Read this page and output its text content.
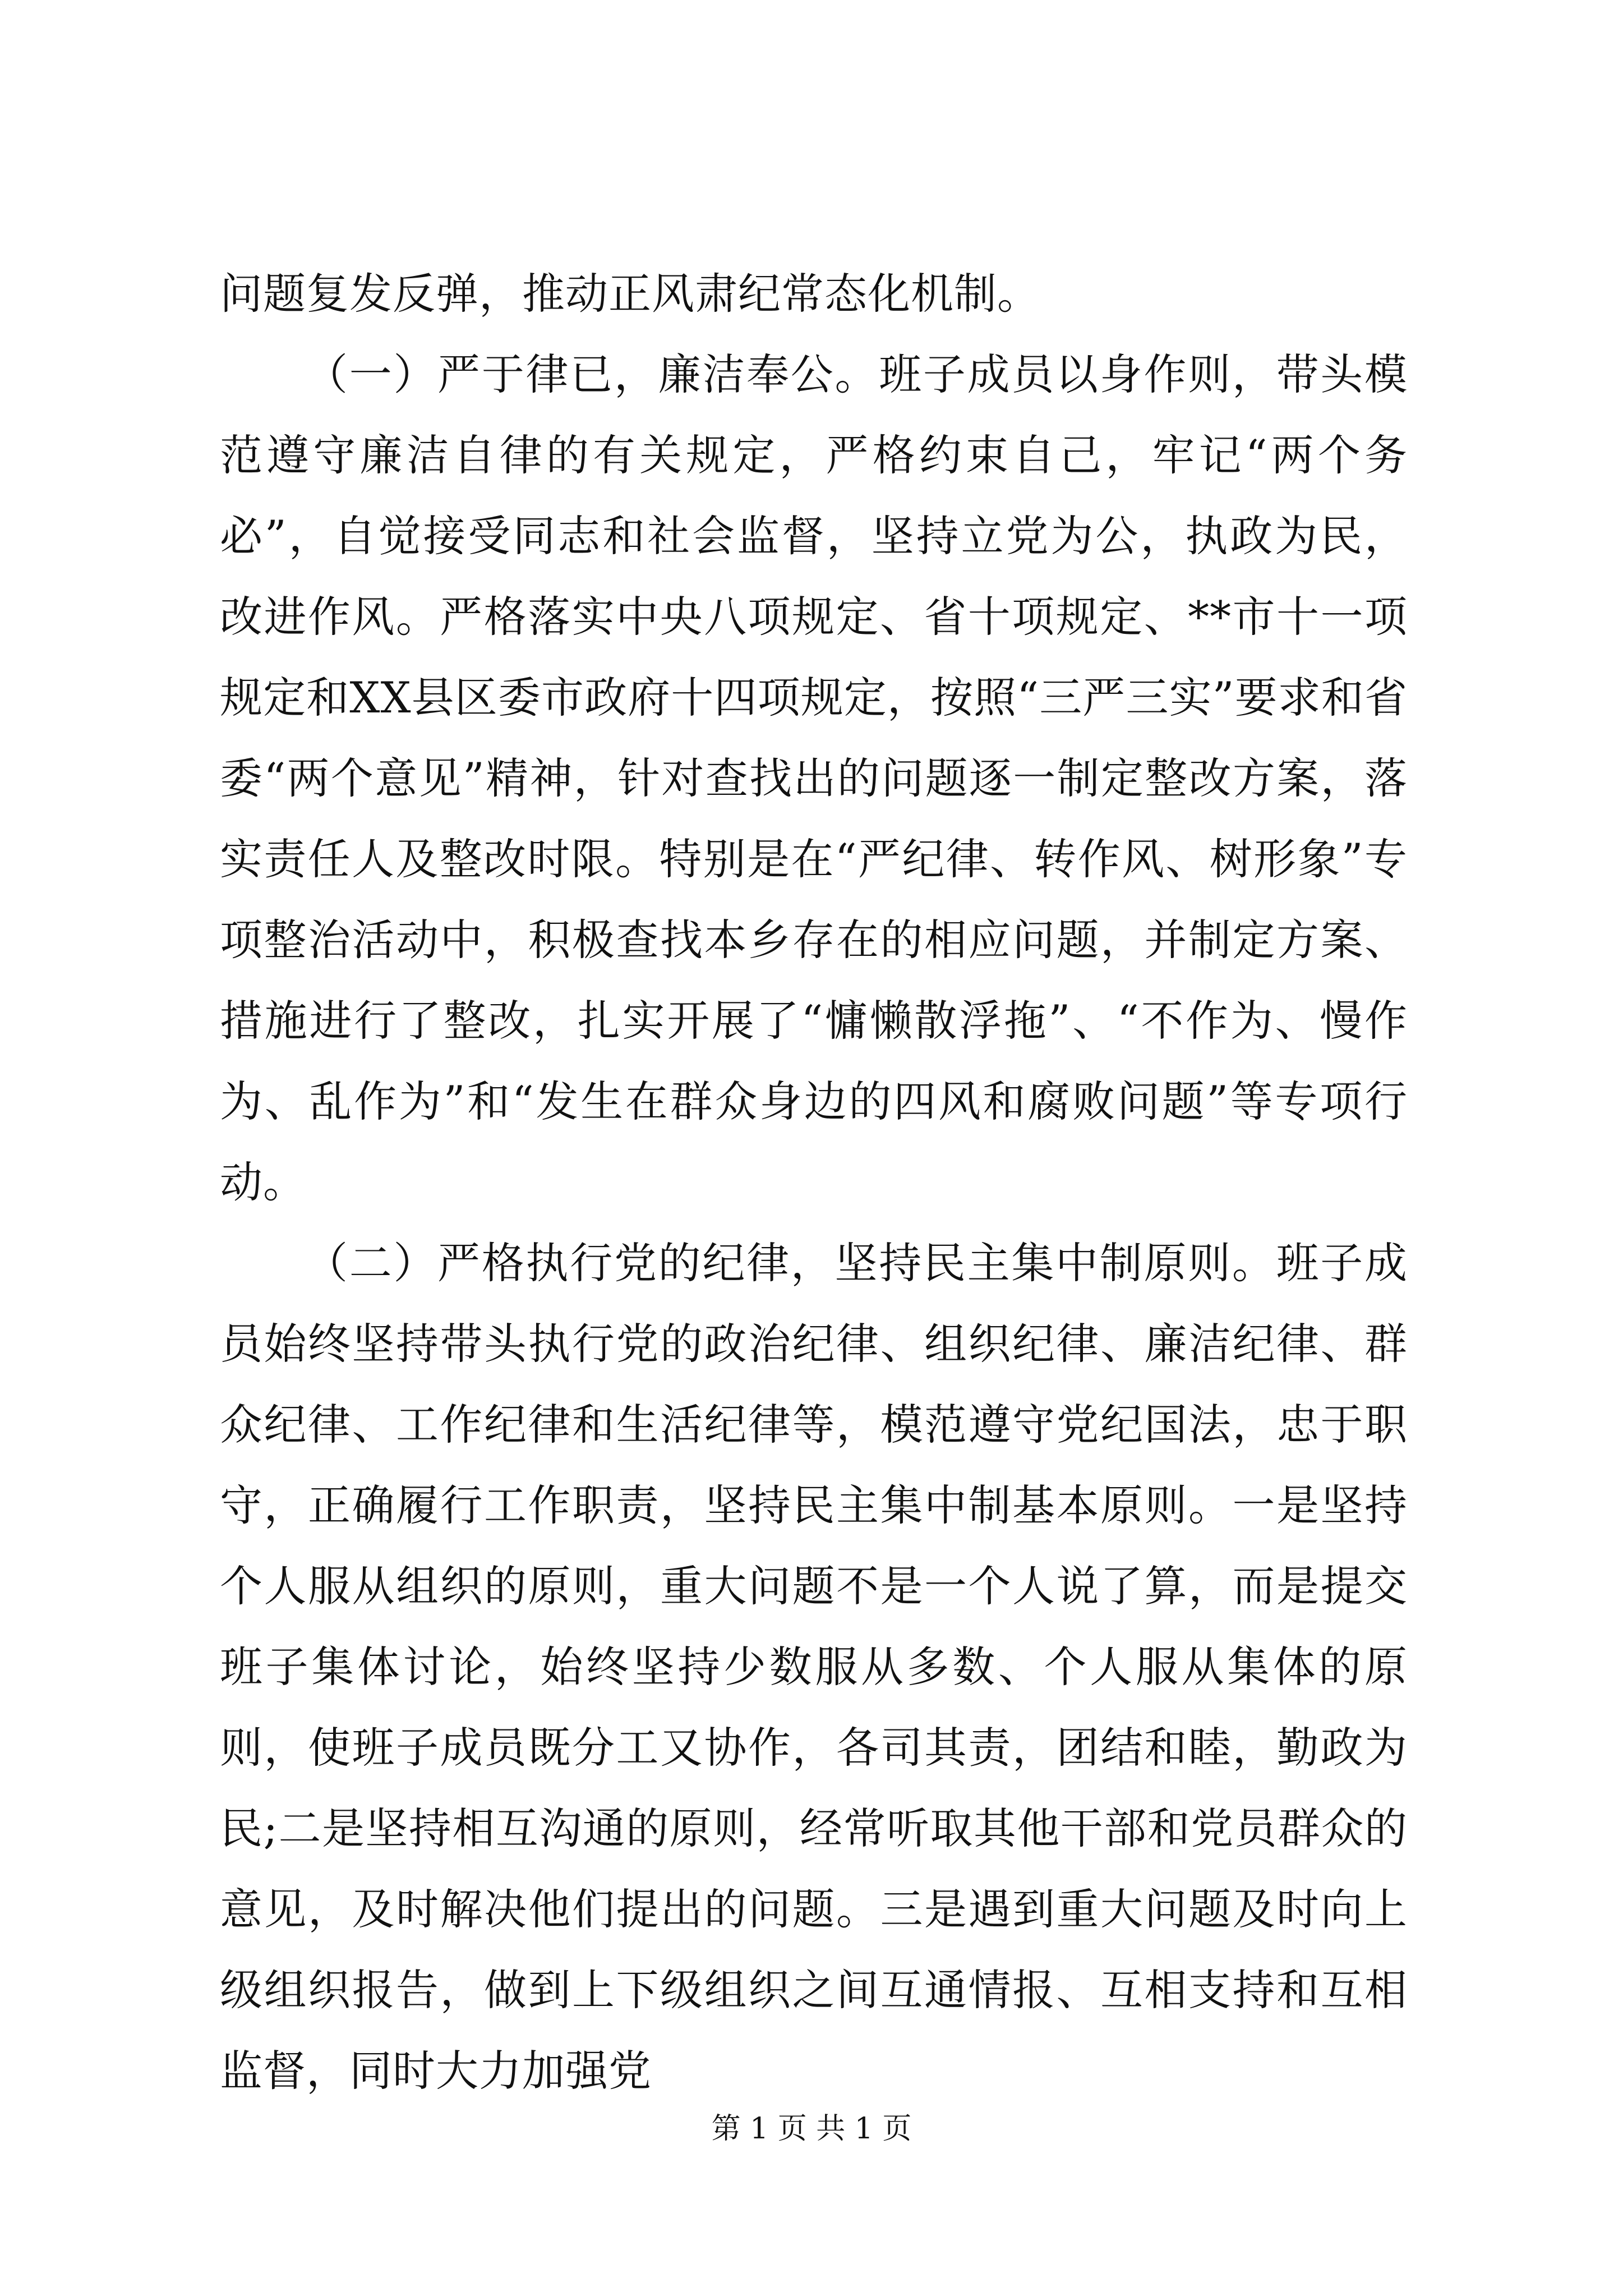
问题复发反弹，推动正风肃纪常态化机制。

（一）严于律已，廉洁奉公。班子成员以身作则，带头模范遵守廉洁自律的有关规定，严格约束自己，牢记“两个务必”，自觉接受同志和社会监督，坚持立党为公，执政为民，改进作风。严格落实中央八项规定、省十项规定、**市十一项规定和XX县区委市政府十四项规定，按照“三严三实”要求和省委“两个意见”精神，针对查找出的问题逐一制定整改方案，落实责任人及整改时限。特别是在“严纪律、转作风、树形象”专项整治活动中，积极查找本乡存在的相应问题，并制定方案、措施进行了整改，扎实开展了“慵懒散浮拖”、“不作为、慢作为、乱作为”和“发生在群众身边的四风和腐败问题”等专项行动。

（二）严格执行党的纪律，坚持民主集中制原则。班子成员始终坚持带头执行党的政治纪律、组织纪律、廉洁纪律、群众纪律、工作纪律和生活纪律等，模范遵守党纪国法，忠于职守，正确履行工作职责，坚持民主集中制基本原则。一是坚持个人服从组织的原则，重大问题不是一个人说了算，而是提交班子集体讨论，始终坚持少数服从多数、个人服从集体的原则，使班子成员既分工又协作，各司其责，团结和睦，勤政为民;二是坚持相互沟通的原则，经常听取其他干部和党员群众的意见，及时解决他们提出的问题。三是遇到重大问题及时向上级组织报告，做到上下级组织之间互通情报、互相支持和互相监督，同时大力加强党

第 1 页 共 1 页
